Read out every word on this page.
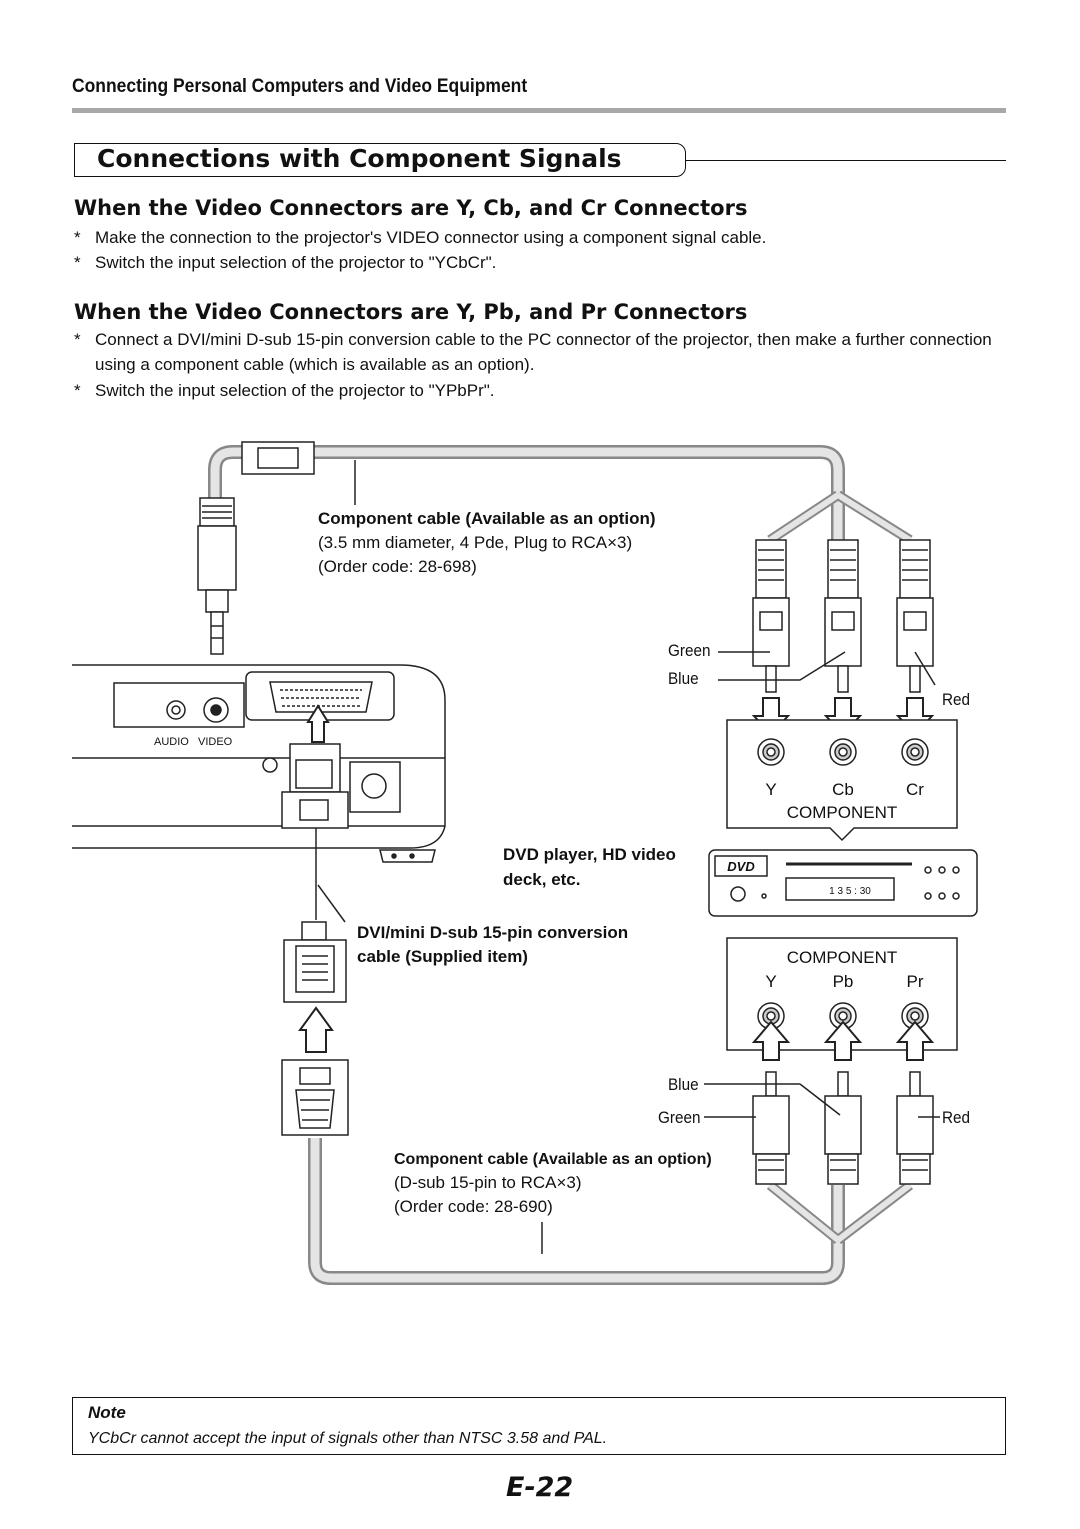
Connecting Personal Computers and Video Equipment
Connections with Component Signals
When the Video Connectors are Y, Cb, and Cr Connectors
* Make the connection to the projector's VIDEO connector using a component signal cable.
* Switch the input selection of the projector to "YCbCr".
When the Video Connectors are Y, Pb, and Pr Connectors
* Connect a DVI/mini D-sub 15-pin conversion cable to the PC connector of the projector, then make a further connection using a component cable (which is available as an option).
* Switch the input selection of the projector to "YPbPr".
Component cable (Available as an option)
(3.5 mm diameter, 4 Pde, Plug to RCA×3)
(Order code: 28-698)
AUDIO VIDEO
Green
Blue
Red
Y	Cb	Cr
COMPONENT
DVD player, HD video
deck, etc.
DVD
1 3 5 : 30
DVI/mini D-sub 15-pin conversion
cable (Supplied item)	COMPONENT
Y	Pb	Pr
Blue
Green	Red
Component cable (Available as an option)
(D-sub 15-pin to RCA×3)
(Order code: 28-690)
Note
YCbCr cannot accept the input of signals other than NTSC 3.58 and PAL.
E-22
